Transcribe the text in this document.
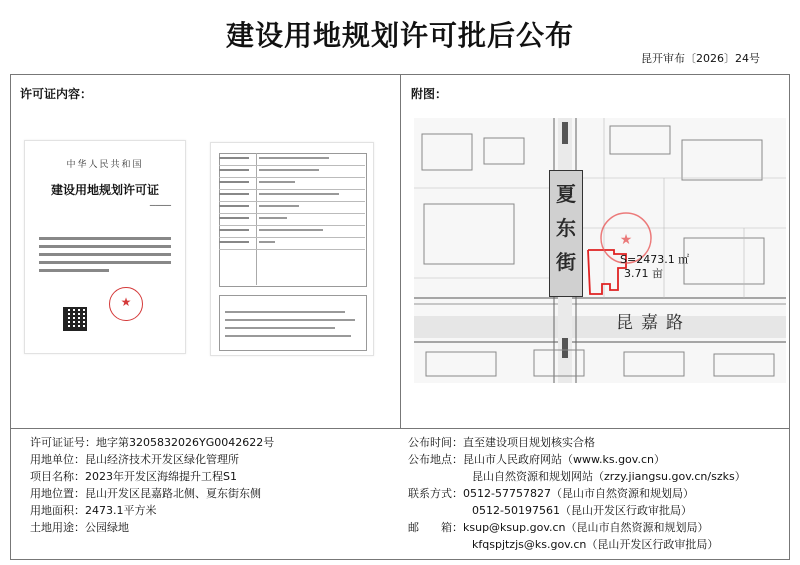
建设用地规划许可批后公布
昆开审布〔2026〕24号
许可证内容：	附图：
中华人民共和国
建设用地规划许可证
━━━━━━━
★
★
夏
东
街
昆嘉路
S=2473.1 ㎡
3.71 亩
许可证证号：地字第3205832026YG0042622号
用地单位：昆山经济技术开发区绿化管理所
项目名称：2023年开发区海绵提升工程S1
用地位置：昆山开发区昆嘉路北侧、夏东街东侧
用地面积：2473.1平方米
土地用途：公园绿地
公布时间：直至建设项目规划核实合格
公布地点：昆山市人民政府网站（www.ks.gov.cn）
昆山自然资源和规划网站（zrzy.jiangsu.gov.cn/szks）
联系方式：0512-57757827（昆山市自然资源和规划局）
0512-50197561（昆山开发区行政审批局）
邮　　箱：ksup@ksup.gov.cn（昆山市自然资源和规划局）
kfqspjtzjs@ks.gov.cn（昆山开发区行政审批局）
